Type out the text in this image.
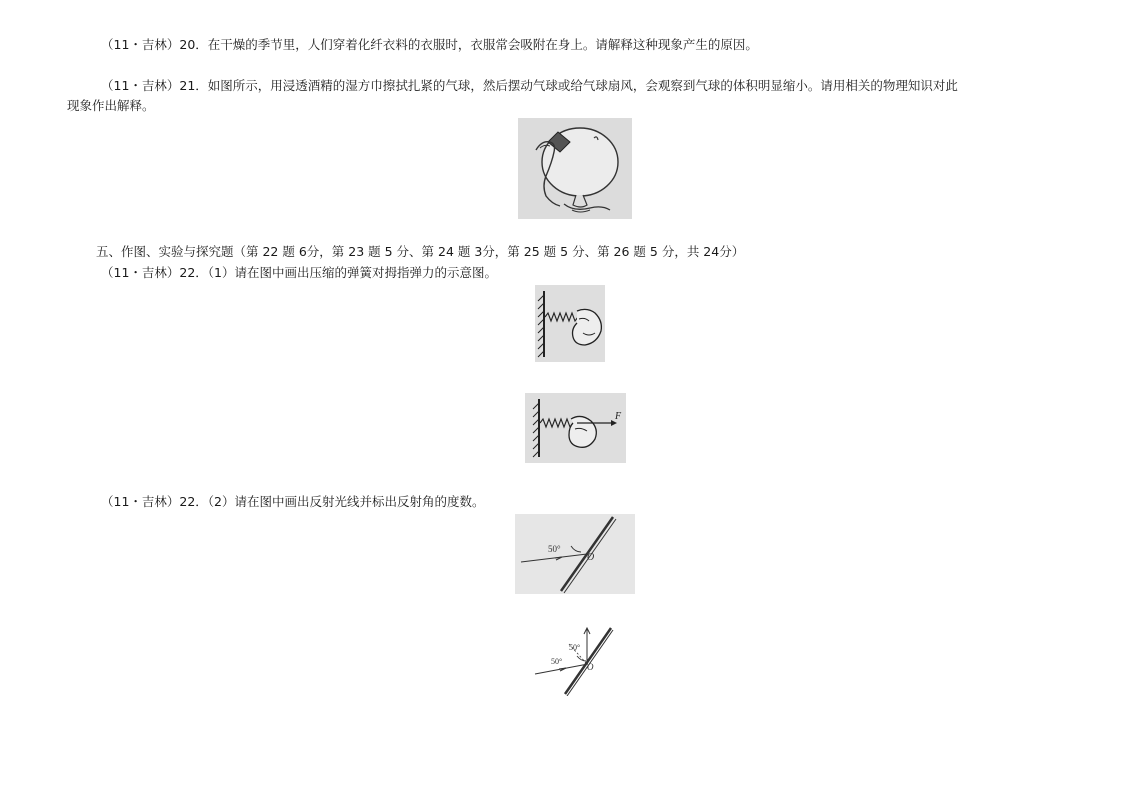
（11・吉林）20．在干燥的季节里，人们穿着化纤衣料的衣服时，衣服常会吸附在身上。请解释这种现象产生的原因。
（11・吉林）21．如图所示，用浸透酒精的湿方巾擦拭扎紧的气球，然后摆动气球或给气球扇风，会观察到气球的体积明显缩小。请用相关的物理知识对此
现象作出解释。
五、作图、实验与探究题（第 22 题 6分，第 23 题 5 分、第 24 题 3分，第 25 题 5 分、第 26 题 5 分，共 24分）
（11・吉林）22．（1）请在图中画出压缩的弹簧对拇指弹力的示意图。
F
（11・吉林）22．（2）请在图中画出反射光线并标出反射角的度数。
50°
O
50°
50°
O
